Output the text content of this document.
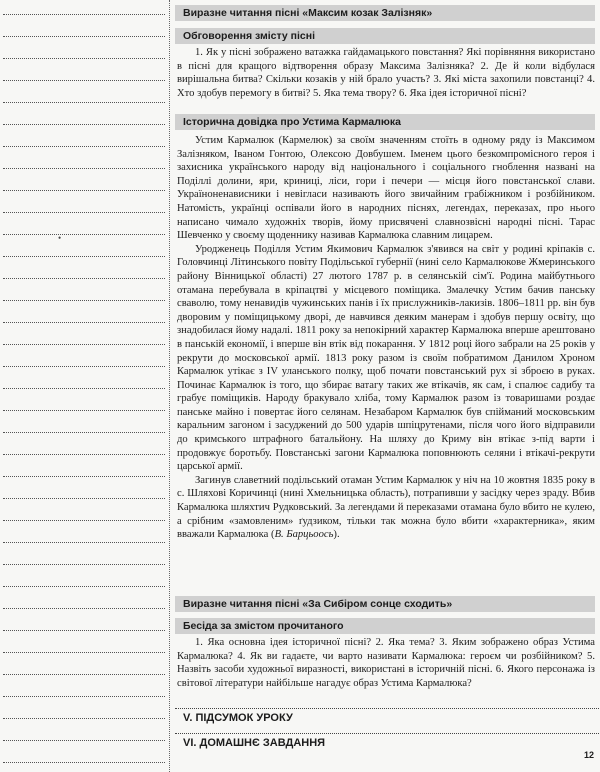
•
Виразне читання пісні «Максим козак Залізняк»
Обговорення змісту пісні

1. Як у пісні зображено ватажка гайдамацького повстання? Які порівняння використано в пісні для кращого відтворення образу Максима Залізняка? 2. Де й коли відбулася вирішальна битва? Скільки козаків у ній брало участь? 3. Які міста захопили повстанці? 4. Хто здобув перемогу в битві? 5. Яка тема твору? 6. Яка ідея історичної пісні?

Історична довідка про Устима Кармалюка

Устим Кармалюк (Кармелюк) за своїм значенням стоїть в одному ряду із Максимом Залізняком, Іваном Гонтою, Олексою Довбушем. Іменем цього безкомпромісного героя і захисника українського народу від національного і соціального гноблення названі на Поділлі долини, яри, криниці, ліси, гори і печери — місця його повстанської слави. Україноненависники і невігласи називають його звичайним грабіжником і розбійником. Натомість, українці оспівали його в народних піснях, легендах, переказах, про нього написано чимало художніх творів, йому присвячені славнозвісні народні пісні. Тарас Шевченко у своєму щоденнику називав Кармалюка славним лицарем.

Уродженець Поділля Устим Якимович Кармалюк з'явився на світ у родині кріпаків с. Головчинці Літинського повіту Подільської губернії (нині село Кармалюкове Жмеринського району Вінницької області) 27 лютого 1787 р. в селянській сім'ї. Родина майбутнього отамана перебувала в кріпацтві у місцевого поміщика. Змалечку Устим бачив панську сваволю, тому ненавидів чужинських панів і їх прислужників-лакизів. 1806–1811 рр. він був дворовим у поміщицькому дворі, де навчився деяким манерам і здобув першу освіту, що знадобилася йому надалі. 1811 року за непокірний характер Кармалюка вперше арештовано в панській економії, і вперше він втік від покарання. У 1812 році його забрали на 25 років у рекрути до московської армії. 1813 року разом із своїм побратимом Данилом Хроном Кармалюк утікає з IV уланського полку, щоб почати повстанський рух зі зброєю в руках. Починає Кармалюк із того, що збирає ватагу таких же втікачів, як сам, і спалює садибу та грабує поміщиків. Народу бракувало хліба, тому Кармалюк разом із товаришами роздає панське майно і повертає його селянам. Незабаром Кармалюк був спійманий московським каральним загоном і засуджений до 500 ударів шпіцрутенами, після чого його відправили до кримського штрафного батальйону. На шляху до Криму він втікає з-під варти і продовжує боротьбу. Повстанські загони Кармалюка поповнюють селяни і втікачі-рекрути царської армії.

Загинув славетний подільський отаман Устим Кармалюк у ніч на 10 жовтня 1835 року в с. Шляхові Коричинці (нині Хмельницька область), потрапивши у засідку через зраду. Вбив Кармалюка шляхтич Рудковський. За легендами й переказами отамана було вбито не кулею, а срібним «замовленим» ґудзиком, тільки так можна було вбити «характерника», яким вважали Кармалюка (В. Барцьоось).

Виразне читання пісні «За Сибіром сонце сходить»
Бесіда за змістом прочитаного

1. Яка основна ідея історичної пісні? 2. Яка тема? 3. Яким зображено образ Устима Кармалюка? 4. Як ви гадаєте, чи варто називати Кармалюка: героєм чи розбійником? 5. Назвіть засоби художньої виразності, використані в історичній пісні. 6. Якого персонажа із світової літератури найбільше нагадує образ Устима Кармалюка?

V. ПІДСУМОК УРОКУ
VI. ДОМАШНЄ ЗАВДАННЯ
12
